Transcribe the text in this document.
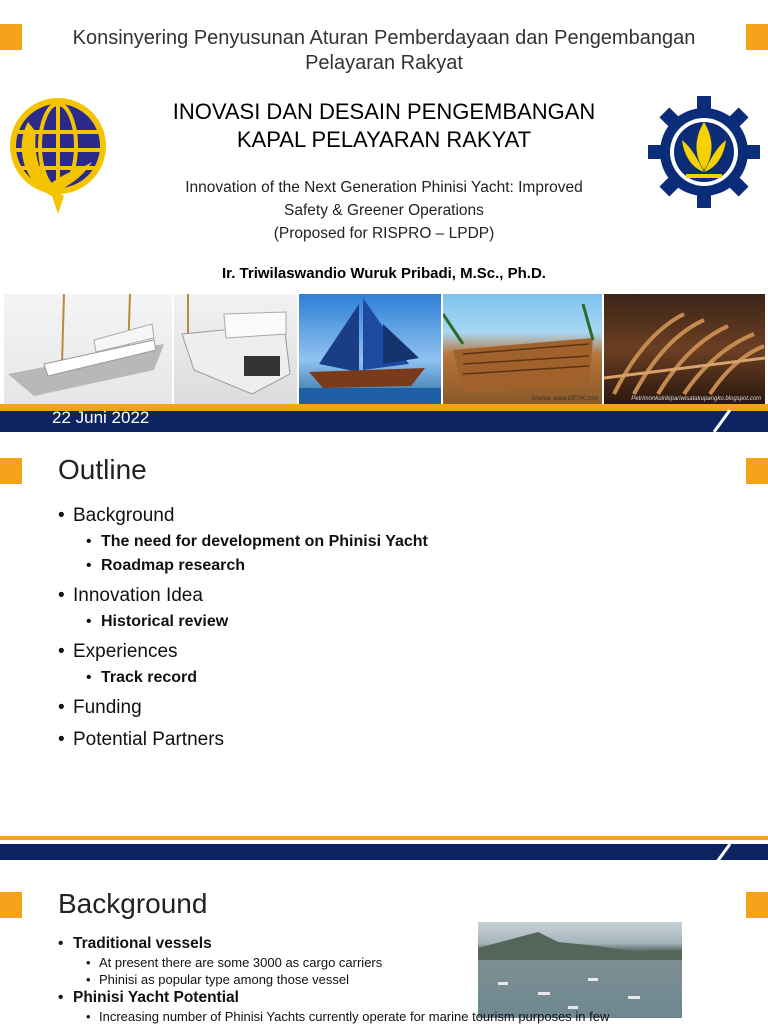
Konsinyering Penyusunan Aturan Pemberdayaan dan Pengembangan Pelayaran Rakyat
INOVASI DAN DESAIN PENGEMBANGAN
KAPAL PELAYARAN RAKYAT
Innovation of the Next Generation Phinisi Yacht: Improved
Safety & Greener Operations
(Proposed for RISPRO – LPDP)
Ir. Triwilaswandio Wuruk Pribadi, M.Sc., Ph.D.
Source: www.DETIK.com	Petrimonkulrikipariwisatakupangko.blogspot.com
22 Juni 2022
Outline
• Background
• The need for development on Phinisi Yacht
• Roadmap research
• Innovation Idea
• Historical review
• Experiences
• Track record
• Funding
• Potential Partners
Background
• Traditional vessels
• At present there are some 3000 as cargo carriers
• Phinisi as popular type among those vessel
• Phinisi Yacht Potential
• Increasing number of Phinisi Yachts currently operate for marine tourism purposes in few
